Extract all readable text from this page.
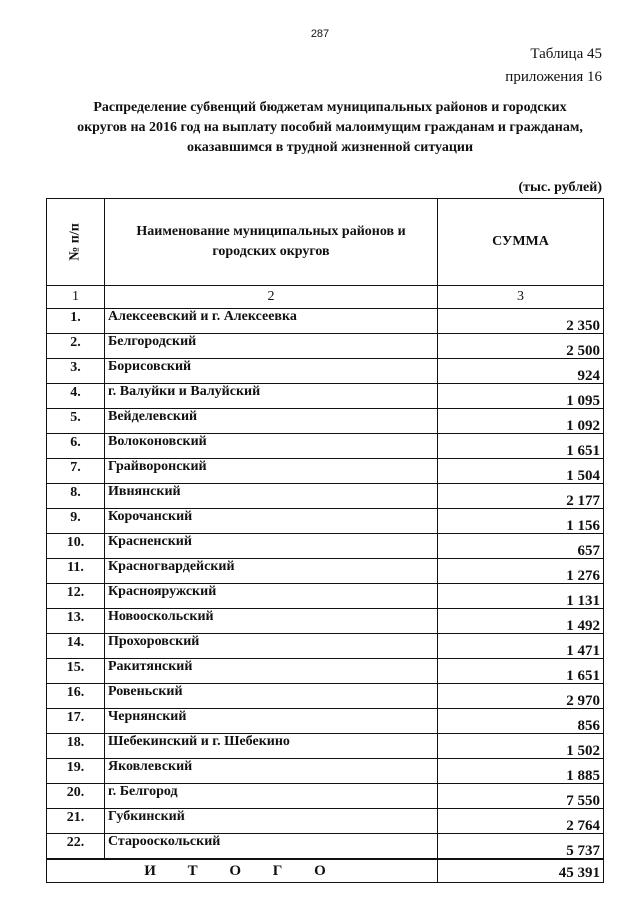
287
Таблица 45
приложения 16
Распределение субвенций бюджетам муниципальных районов и городских
округов на 2016 год на выплату пособий малоимущим гражданам и гражданам,
оказавшимся в трудной жизненной ситуации
(тыс. рублей)
№ п/п	Наименование муниципальных районов и городских округов	СУММА
1	2	3
1.	Алексеевский и г. Алексеевка	2 350
2.	Белгородский	2 500
3.	Борисовский	924
4.	г. Валуйки и Валуйский	1 095
5.	Вейделевский	1 092
6.	Волоконовский	1 651
7.	Грайворонский	1 504
8.	Ивнянский	2 177
9.	Корочанский	1 156
10.	Красненский	657
11.	Красногвардейский	1 276
12.	Краснояружский	1 131
13.	Новооскольский	1 492
14.	Прохоровский	1 471
15.	Ракитянский	1 651
16.	Ровеньский	2 970
17.	Чернянский	856
18.	Шебекинский и г. Шебекино	1 502
19.	Яковлевский	1 885
20.	г. Белгород	7 550
21.	Губкинский	2 764
22.	Старооскольский	5 737
И Т О Г О		45 391
